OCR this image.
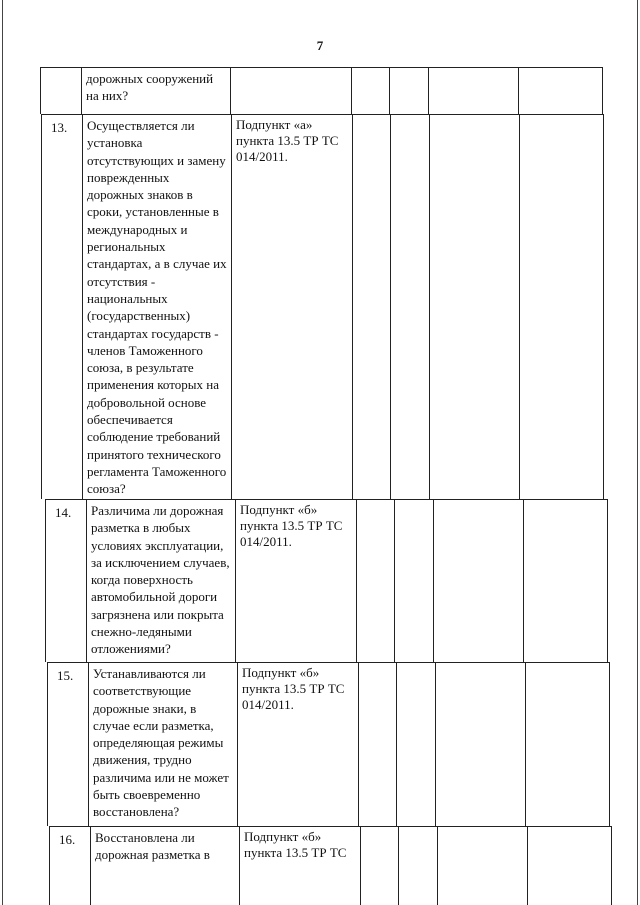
7
дорожных сооружений
на них?
13. Осуществляется ли
установка
отсутствующих и замену
поврежденных
дорожных знаков в
сроки, установленные в
международных и
региональных
стандартах, а в случае их
отсутствия -
национальных
(государственных)
стандартах государств -
членов Таможенного
союза, в результате
применения которых на
добровольной основе
обеспечивается
соблюдение требований
принятого технического
регламента Таможенного
союза?
Подпункт «а»
пункта 13.5 ТР ТС
014/2011.
14. Различима ли дорожная
разметка в любых
условиях эксплуатации,
за исключением случаев,
когда поверхность
автомобильной дороги
загрязнена или покрыта
снежно-ледяными
отложениями?
Подпункт «б»
пункта 13.5 ТР ТС
014/2011.
15. Устанавливаются ли
соответствующие
дорожные знаки, в
случае если разметка,
определяющая режимы
движения, трудно
различима или не может
быть своевременно
восстановлена?
Подпункт «б»
пункта 13.5 ТР ТС
014/2011.
16. Восстановлена ли
дорожная разметка в
Подпункт «б»
пункта 13.5 ТР ТС
